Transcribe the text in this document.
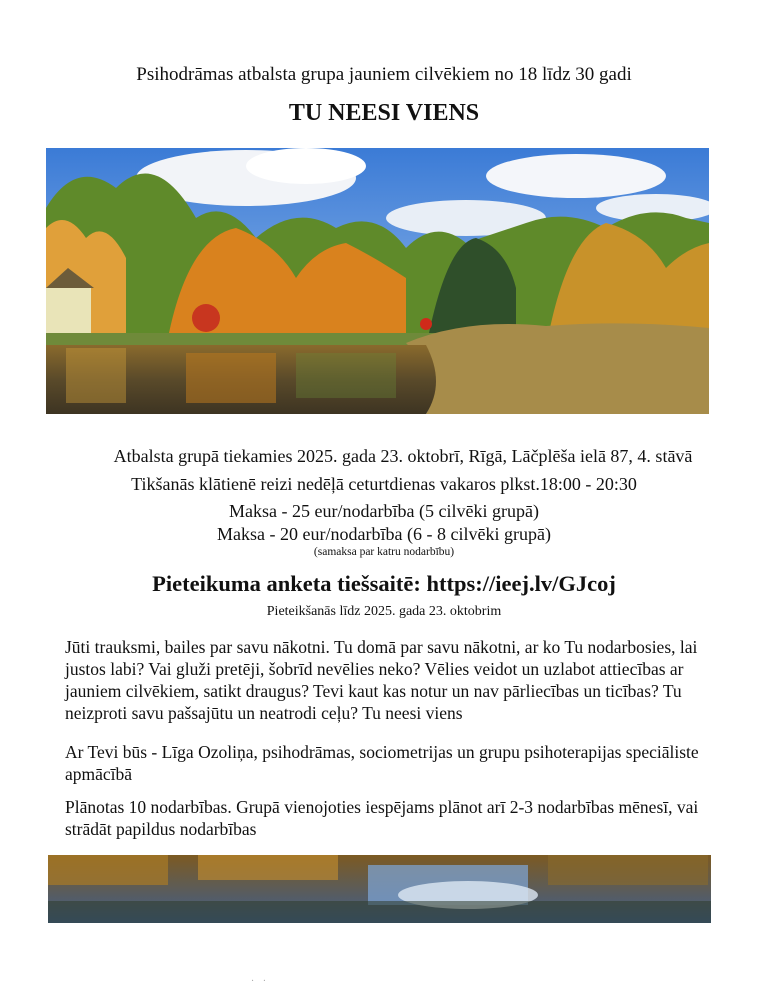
Psihodrāmas atbalsta grupa jauniem cilvēkiem no 18 līdz 30 gadi
TU NEESI VIENS
Atbalsta grupā tiekamies 2025. gada 23. oktobrī, Rīgā, Lāčplēša ielā 87, 4. stāvā
Tikšanās klātienē reizi nedēļā ceturtdienas vakaros plkst.18:00 - 20:30
Maksa - 25 eur/nodarbība (5 cilvēki grupā)
Maksa - 20 eur/nodarbība (6 - 8 cilvēki grupā)
(samaksa par katru nodarbību)
Pieteikuma anketa tiešsaitē: https://ieej.lv/GJcoj
Pieteikšanās līdz 2025. gada 23. oktobrim
Jūti trauksmi, bailes par savu nākotni. Tu domā par savu nākotni, ar ko Tu nodarbosies, lai justos labi? Vai gluži pretēji, šobrīd nevēlies neko? Vēlies veidot un uzlabot attiecības ar jauniem cilvēkiem, satikt draugus? Tevi kaut kas notur un nav pārliecības un ticības? Tu neizproti savu pašsajūtu un neatrodi ceļu? Tu neesi viens
Ar Tevi būs - Līga Ozoliņa, psihodrāmas, sociometrijas un grupu psihoterapijas speciāliste apmācībā
Plānotas 10 nodarbības. Grupā vienojoties iespējams plānot arī 2-3 nodarbības mēnesī, vai strādāt papildus nodarbības
· ·
